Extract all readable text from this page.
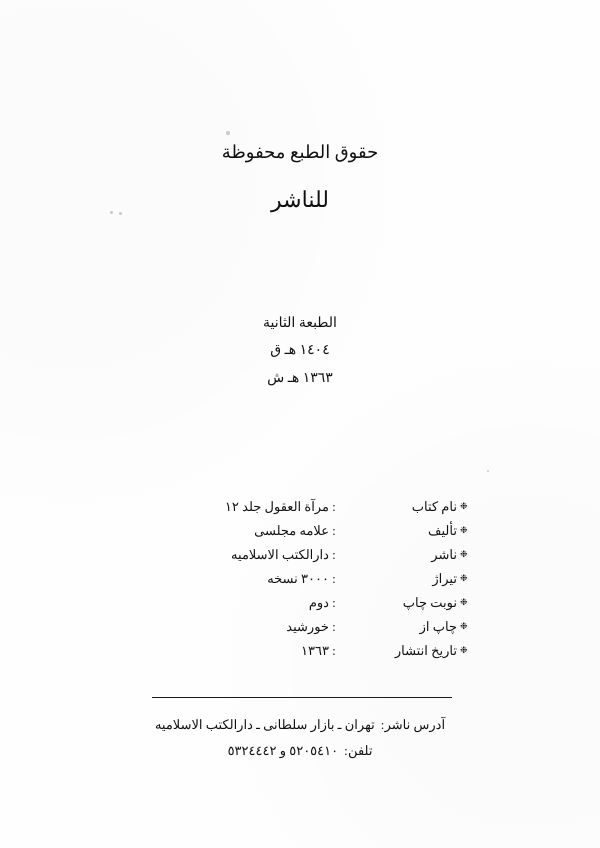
حقوق الطبع محفوظة
للناشر
الطبعة الثانية
١٤٠٤ هـ ق
١٣٦٣ هـ ش
❉
نام كتاب
:
مرآة العقول جلد ١٢
❉
تأليف
:
علامه مجلسى
❉
ناشر
:
دارالكتب الاسلاميه
❉
تيراژ
:
٣٠٠٠ نسخه
❉
نوبت چاپ
:
دوم
❉
چاپ از
:
خورشيد
❉
تاريخ انتشار
:
١٣٦٣
آدرس ناشر
:
تهران ـ بازار سلطانى ـ دارالكتب الاسلاميه
تلفن
:
٥٢٠٥٤١٠ و ٥٣٢٤٤٤٢
